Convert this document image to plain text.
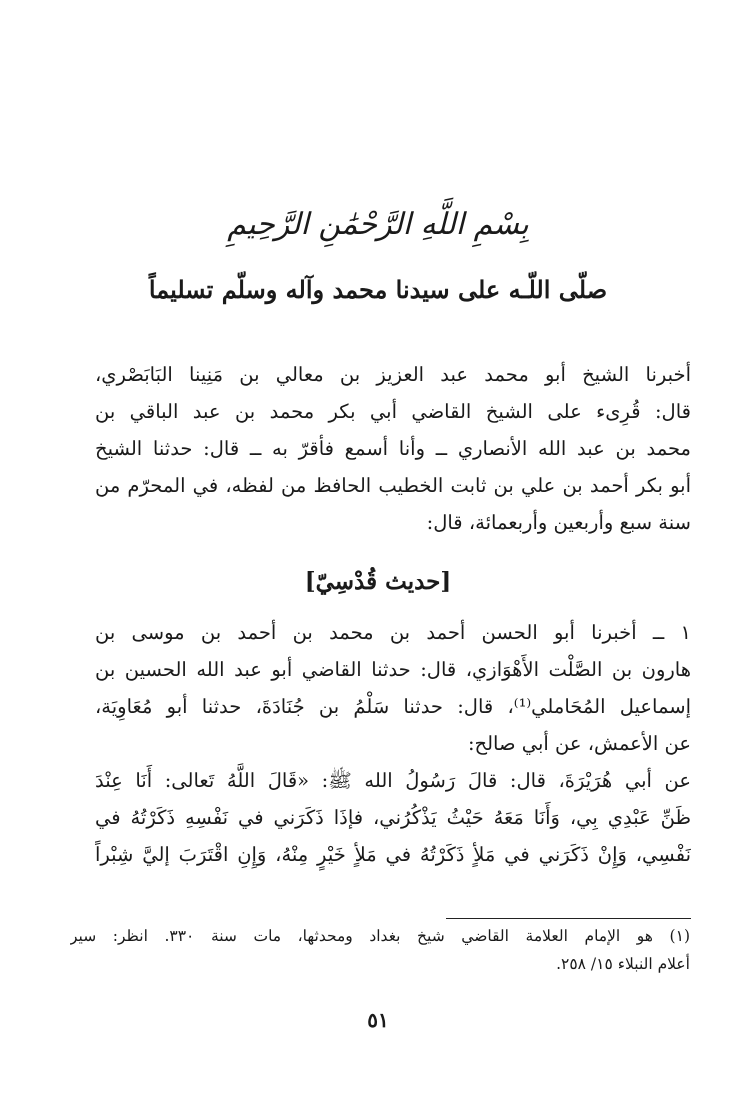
بِسْمِ اللَّهِ الرَّحْمَٰنِ الرَّحِيمِ
صلّى اللّـه على سيدنا محمد وآله وسلّم تسليماً
أخبرنا الشيخ أبو محمد عبد العزيز بن معالي بن مَنِينا البَابَصْري،
قال: قُرِىء على الشيخ القاضي أبي بكر محمد بن عبد الباقي بن
محمد بن عبد الله الأنصاري ــ وأنا أسمع فأقرّ به ــ قال: حدثنا الشيخ
أبو بكر أحمد بن علي بن ثابت الخطيب الحافظ من لفظه، في المحرّم من
سنة سبع وأربعين وأربعمائة، قال:
[حديث قُدْسِيّ]
١ ــ أخبرنا أبو الحسن أحمد بن محمد بن أحمد بن موسى بن
هارون بن الصَّلْت الأَهْوَازي، قال: حدثنا القاضي أبو عبد الله الحسين بن
إسماعيل المُحَاملي⁽¹⁾، قال: حدثنا سَلْمُ بن جُنَادَةَ، حدثنا أبو مُعَاوِيَة،
عن الأعمش، عن أبي صالح:
عن أبي هُرَيْرَةَ، قال: قالَ رَسُولُ الله ﷺ: «قَالَ اللَّهُ تَعالى: أَنَا عِنْدَ
ظَنِّ عَبْدِي بِي، وَأَنَا مَعَهُ حَيْثُ يَذْكُرُني، فإذَا ذَكَرَني في نَفْسِهِ ذَكَرْتُهُ في
نَفْسِي، وَإِنْ ذَكَرَني في مَلأٍ ذَكَرْتُهُ في مَلأٍ خَيْرٍ مِنْهُ، وَإِنِ اقْتَرَبَ إليَّ شِبْراً
(١) هو الإمام العلامة القاضي شيخ بغداد ومحدثها، مات سنة ٣٣٠. انظر: سير
أعلام النبلاء ١٥/ ٢٥٨.
٥١
